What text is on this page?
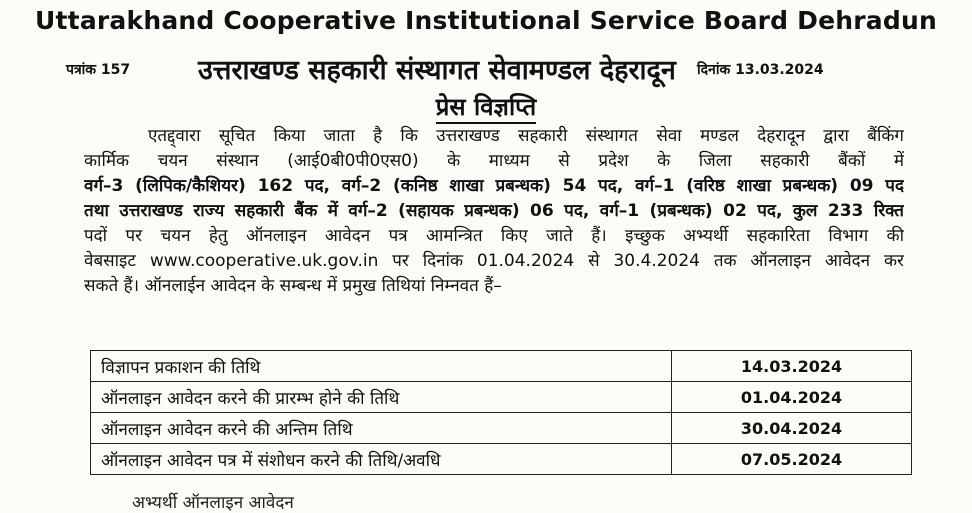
Uttarakhand Cooperative Institutional Service Board Dehradun
पत्रांक 157	उत्तराखण्ड सहकारी संस्थागत सेवामण्डल देहरादून दिनांक 13.03.2024
प्रेस विज्ञप्ति
एतद्द्वारा सूचित किया जाता है कि उत्तराखण्ड सहकारी संस्थागत सेवा मण्डल देहरादून द्वारा बैंकिंग
कार्मिक चयन संस्थान (आई0बी0पी0एस0) के माध्यम से प्रदेश के जिला सहकारी बैंकों में
वर्ग–3 (लिपिक/कैशियर) 162 पद, वर्ग–2 (कनिष्ठ शाखा प्रबन्धक) 54 पद, वर्ग–1 (वरिष्ठ शाखा प्रबन्धक) 09 पद
तथा उत्तराखण्ड राज्य सहकारी बैंक में वर्ग–2 (सहायक प्रबन्धक) 06 पद, वर्ग–1 (प्रबन्धक) 02 पद, कुल 233 रिक्त
पदों पर चयन हेतु ऑनलाइन आवेदन पत्र आमन्त्रित किए जाते हैं। इच्छुक अभ्यर्थी सहकारिता विभाग की
वेबसाइट www.cooperative.uk.gov.in पर दिनांक 01.04.2024 से 30.4.2024 तक ऑनलाइन आवेदन कर
सकते हैं। ऑनलाईन आवेदन के सम्बन्ध में प्रमुख तिथियां निम्नवत हैं–
विज्ञापन प्रकाशन की तिथि	14.03.2024
ऑनलाइन आवेदन करने की प्रारम्भ होने की तिथि	01.04.2024
ऑनलाइन आवेदन करने की अन्तिम तिथि	30.04.2024
ऑनलाइन आवेदन पत्र में संशोधन करने की तिथि/अवधि	07.05.2024
अभ्यर्थी ऑनलाइन आवेदन
